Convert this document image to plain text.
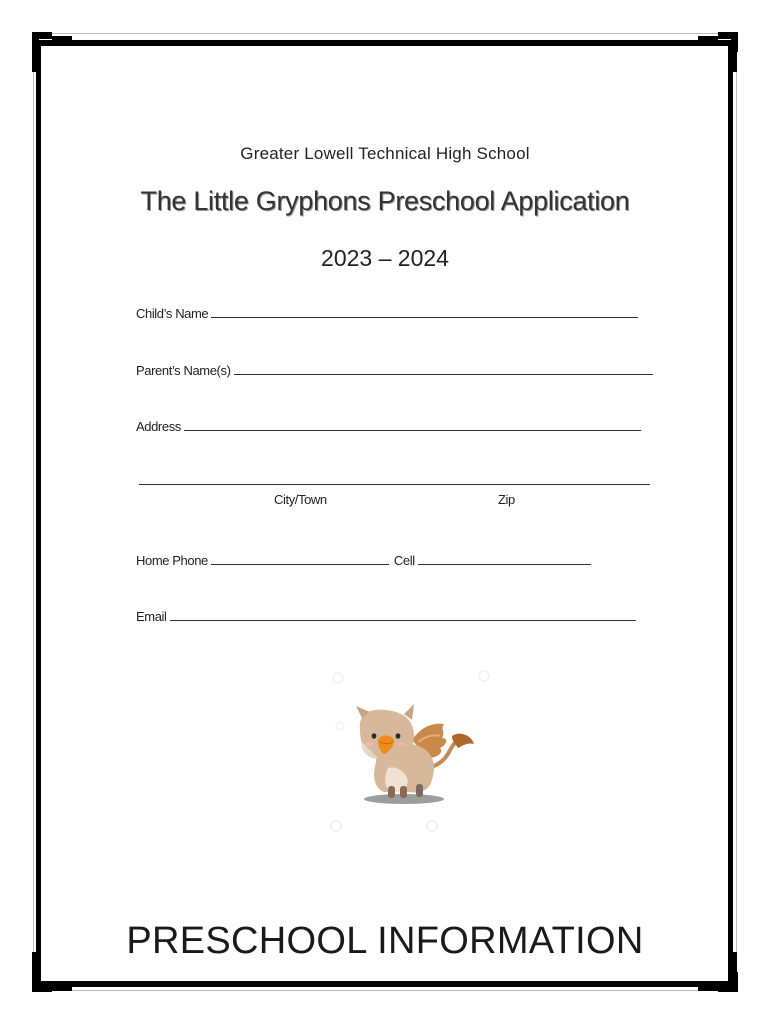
Greater Lowell Technical High School
The Little Gryphons Preschool Application
2023 – 2024
Child’s Name
Parent’s Name(s)
Address
City/Town	Zip
Home Phone	Cell
Email
PRESCHOOL INFORMATION
